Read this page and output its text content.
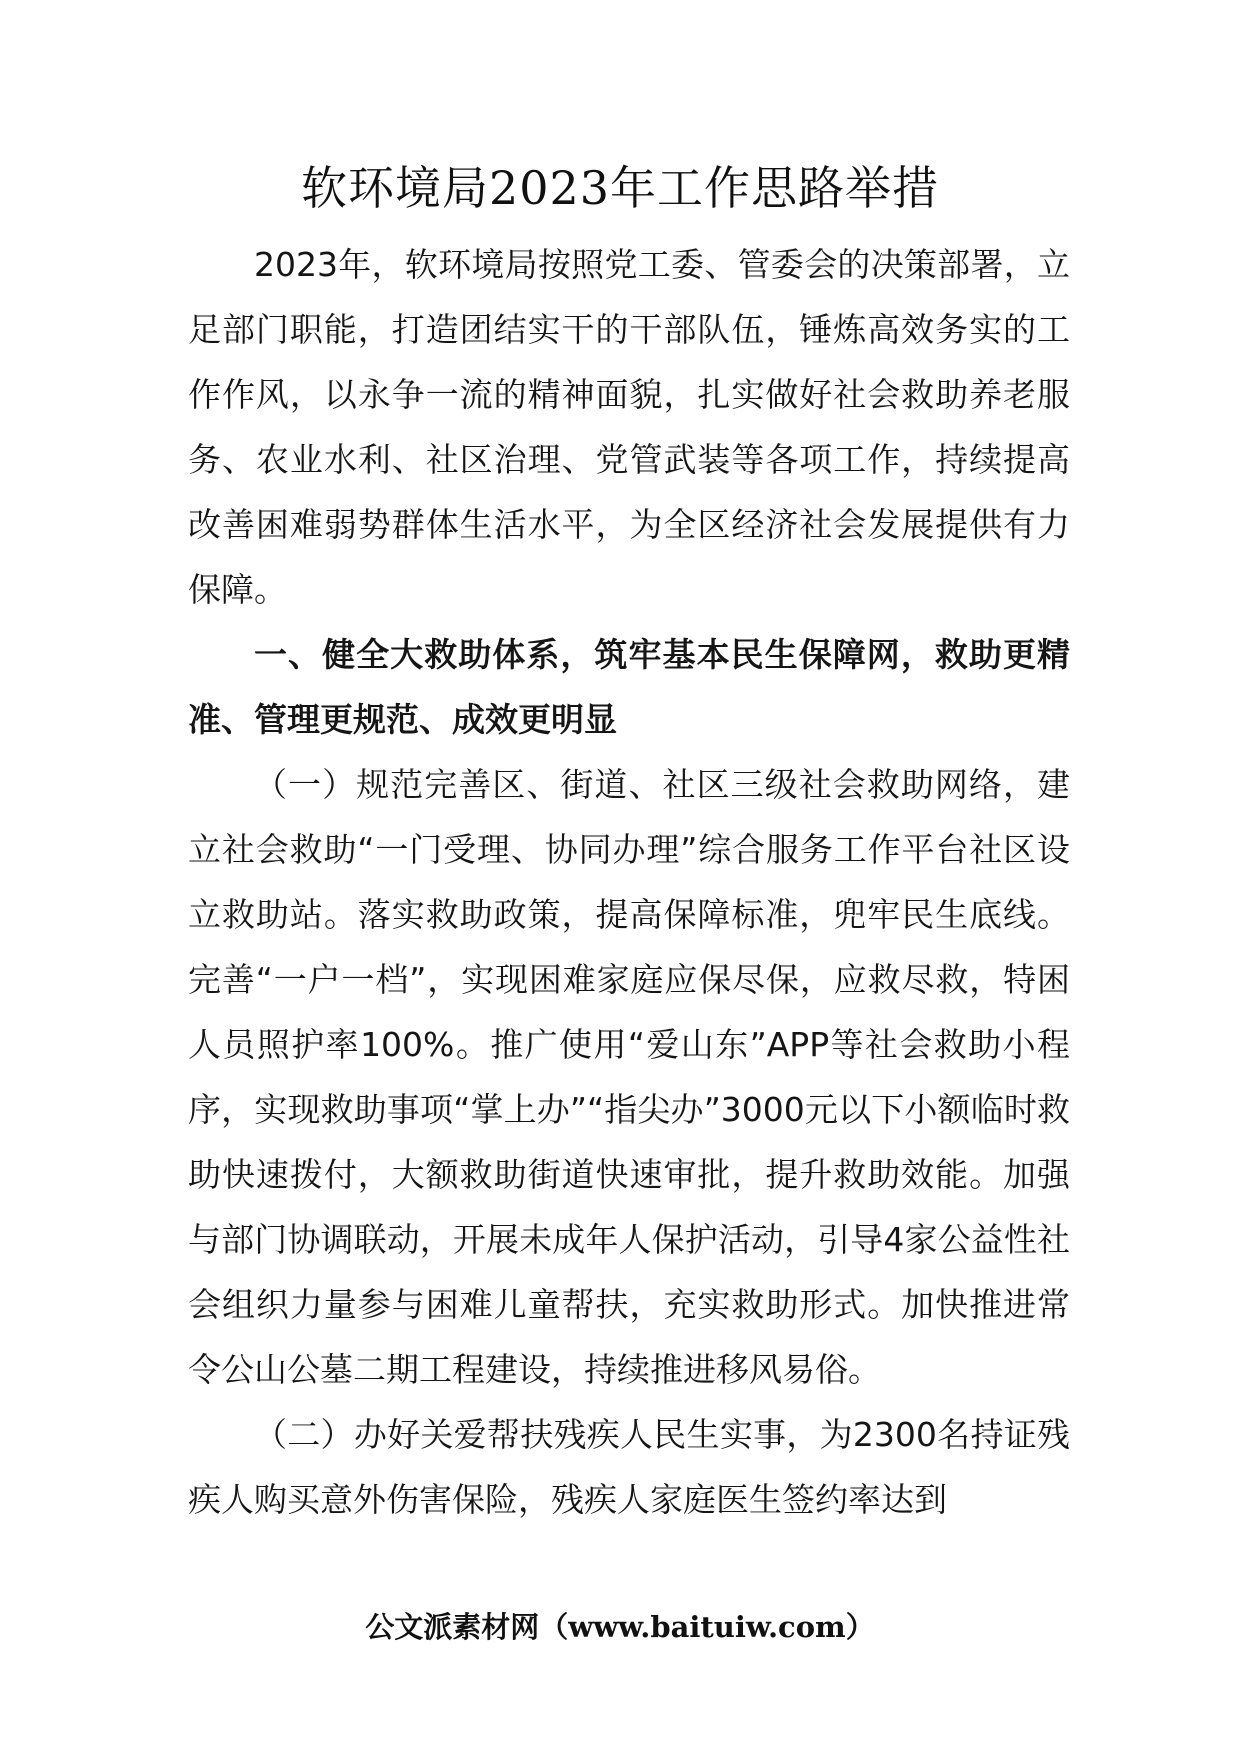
软环境局2023年工作思路举措

2023年，软环境局按照党工委、管委会的决策部署，立足部门职能，打造团结实干的干部队伍，锤炼高效务实的工作作风，以永争一流的精神面貌，扎实做好社会救助养老服务、农业水利、社区治理、党管武装等各项工作，持续提高改善困难弱势群体生活水平，为全区经济社会发展提供有力保障。

一、健全大救助体系，筑牢基本民生保障网，救助更精准、管理更规范、成效更明显

（一）规范完善区、街道、社区三级社会救助网络，建立社会救助“一门受理、协同办理”综合服务工作平台社区设立救助站。落实救助政策，提高保障标准，兜牢民生底线。完善“一户一档”，实现困难家庭应保尽保，应救尽救，特困人员照护率100%。推广使用“爱山东”APP等社会救助小程序，实现救助事项“掌上办”“指尖办”3000元以下小额临时救助快速拨付，大额救助街道快速审批，提升救助效能。加强与部门协调联动，开展未成年人保护活动，引导4家公益性社会组织力量参与困难儿童帮扶，充实救助形式。加快推进常令公山公墓二期工程建设，持续推进移风易俗。

（二）办好关爱帮扶残疾人民生实事，为2300名持证残疾人购买意外伤害保险，残疾人家庭医生签约率达到

公文派素材网（www.baituiw.com）
